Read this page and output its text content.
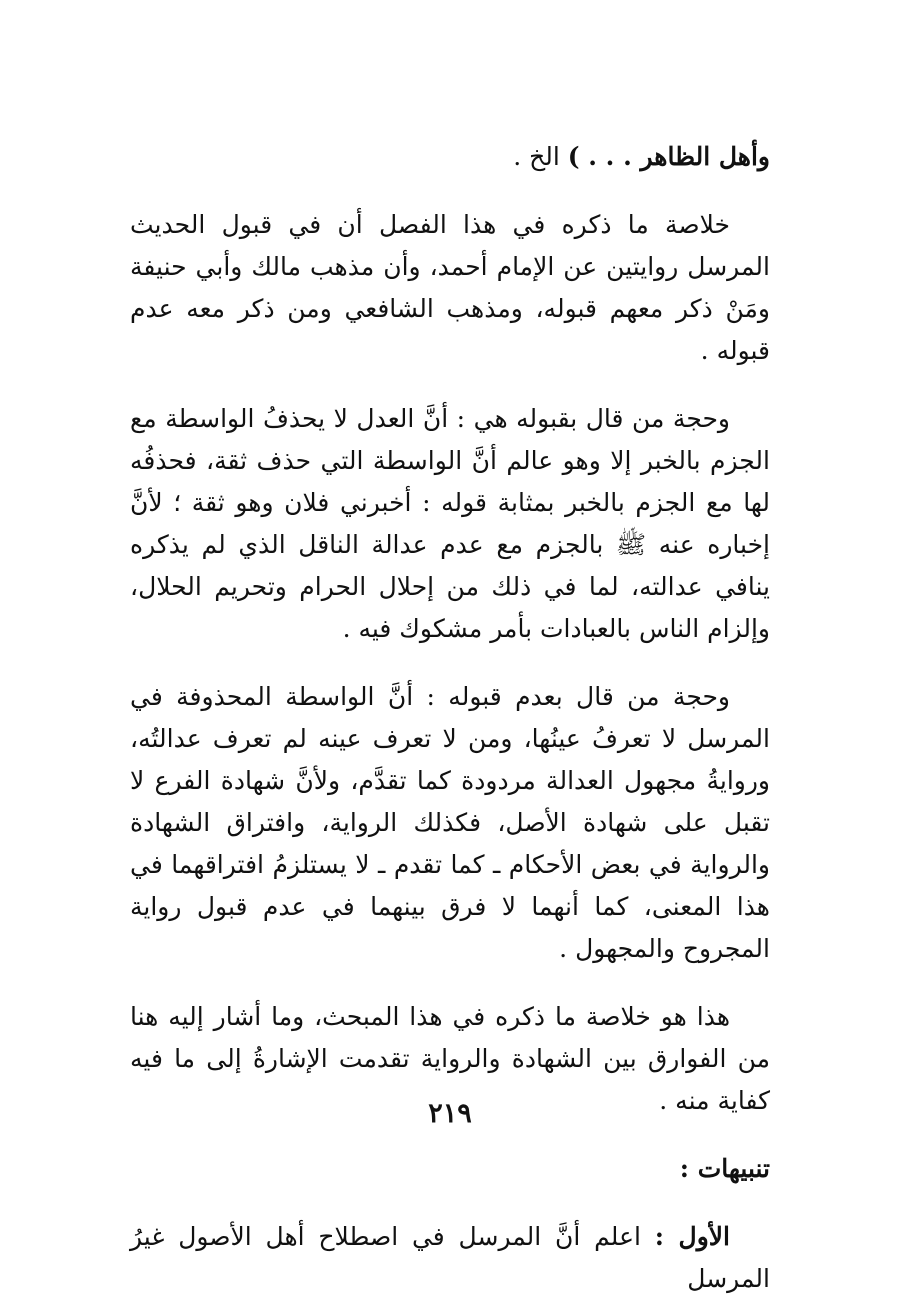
وأهل الظاهر . . . ) الخ .

خلاصة ما ذكره في هذا الفصل أن في قبول الحديث المرسل روايتين عن الإمام أحمد، وأن مذهب مالك وأبي حنيفة ومَنْ ذكر معهم قبوله، ومذهب الشافعي ومن ذكر معه عدم قبوله .

وحجة من قال بقبوله هي : أنَّ العدل لا يحذفُ الواسطة مع الجزم بالخبر إلا وهو عالم أنَّ الواسطة التي حذف ثقة، فحذفُه لها مع الجزم بالخبر بمثابة قوله : أخبرني فلان وهو ثقة ؛ لأنَّ إخباره عنه ﷺ بالجزم مع عدم عدالة الناقل الذي لم يذكره ينافي عدالته، لما في ذلك من إحلال الحرام وتحريم الحلال، وإلزام الناس بالعبادات بأمر مشكوك فيه .

وحجة من قال بعدم قبوله : أنَّ الواسطة المحذوفة في المرسل لا تعرفُ عينُها، ومن لا تعرف عينه لم تعرف عدالتُه، وروايةُ مجهول العدالة مردودة كما تقدَّم، ولأنَّ شهادة الفرع لا تقبل على شهادة الأصل، فكذلك الرواية، وافتراق الشهادة والرواية في بعض الأحكام ـ كما تقدم ـ لا يستلزمُ افتراقهما في هذا المعنى، كما أنهما لا فرق بينهما في عدم قبول رواية المجروح والمجهول .

هذا هو خلاصة ما ذكره في هذا المبحث، وما أشار إليه هنا من الفوارق بين الشهادة والرواية تقدمت الإشارةُ إلى ما فيه كفاية منه .

تنبيهات :

الأول : اعلم أنَّ المرسل في اصطلاح أهل الأصول غيرُ المرسل

٢١٩
